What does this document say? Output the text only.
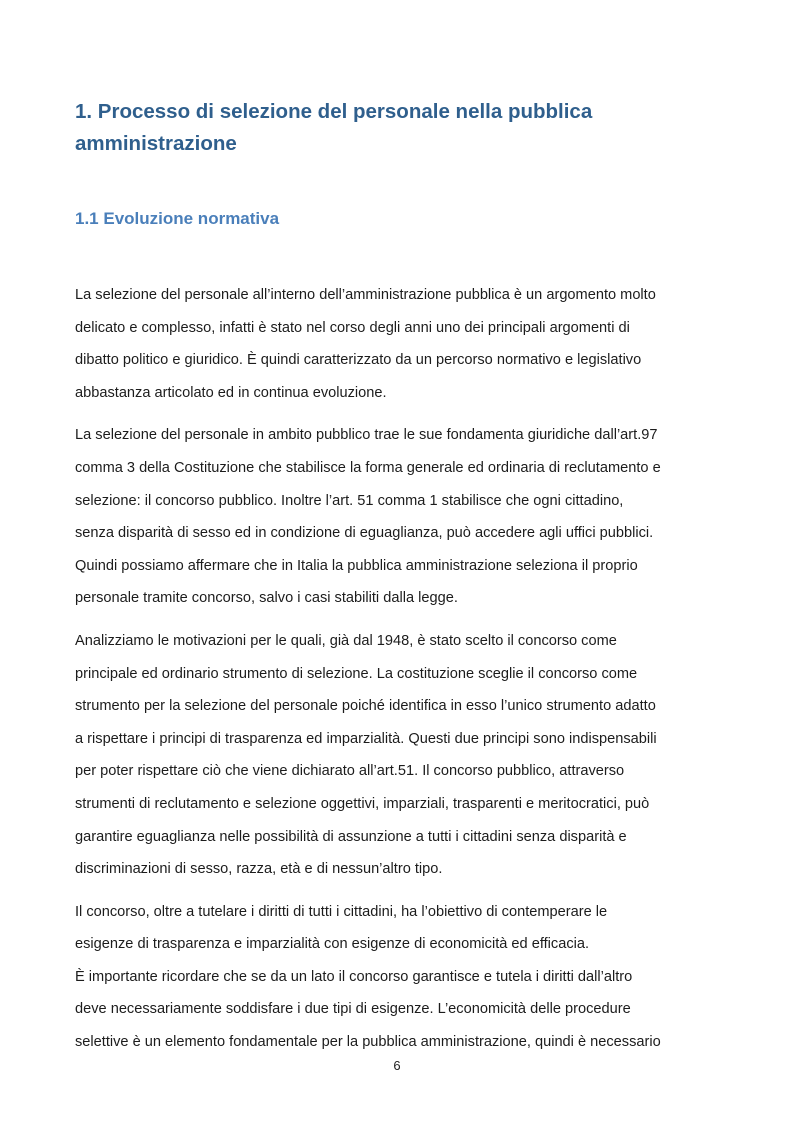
1. Processo di selezione del personale nella pubblica amministrazione
1.1 Evoluzione normativa
La selezione del personale all’interno dell’amministrazione pubblica è un argomento molto
delicato e complesso, infatti è stato nel corso degli anni uno dei principali argomenti di
dibatto politico e giuridico. È quindi caratterizzato da un percorso normativo e legislativo
abbastanza articolato ed in continua evoluzione.
La selezione del personale in ambito pubblico trae le sue fondamenta giuridiche dall’art.97
comma 3 della Costituzione che stabilisce la forma generale ed ordinaria di reclutamento e
selezione: il concorso pubblico. Inoltre l’art. 51 comma 1 stabilisce che ogni cittadino,
senza disparità di sesso ed in condizione di eguaglianza, può accedere agli uffici pubblici.
Quindi possiamo affermare che in Italia la pubblica amministrazione seleziona il proprio
personale tramite concorso, salvo i casi stabiliti dalla legge.
Analizziamo le motivazioni per le quali, già dal 1948, è stato scelto il concorso come
principale ed ordinario strumento di selezione. La costituzione sceglie il concorso come
strumento per la selezione del personale poiché identifica in esso l’unico strumento adatto
a rispettare i principi di trasparenza ed imparzialità. Questi due principi sono indispensabili
per poter rispettare ciò che viene dichiarato all’art.51. Il concorso pubblico, attraverso
strumenti di reclutamento e selezione oggettivi, imparziali, trasparenti e meritocratici, può
garantire eguaglianza nelle possibilità di assunzione a tutti i cittadini senza disparità e
discriminazioni di sesso, razza, età e di nessun’altro tipo.
Il concorso, oltre a tutelare i diritti di tutti i cittadini, ha l’obiettivo di contemperare le
esigenze di trasparenza e imparzialità con esigenze di economicità ed efficacia.
È importante ricordare che se da un lato il concorso garantisce e tutela i diritti dall’altro
deve necessariamente soddisfare i due tipi di esigenze. L’economicità delle procedure
selettive è un elemento fondamentale per la pubblica amministrazione, quindi è necessario
6
